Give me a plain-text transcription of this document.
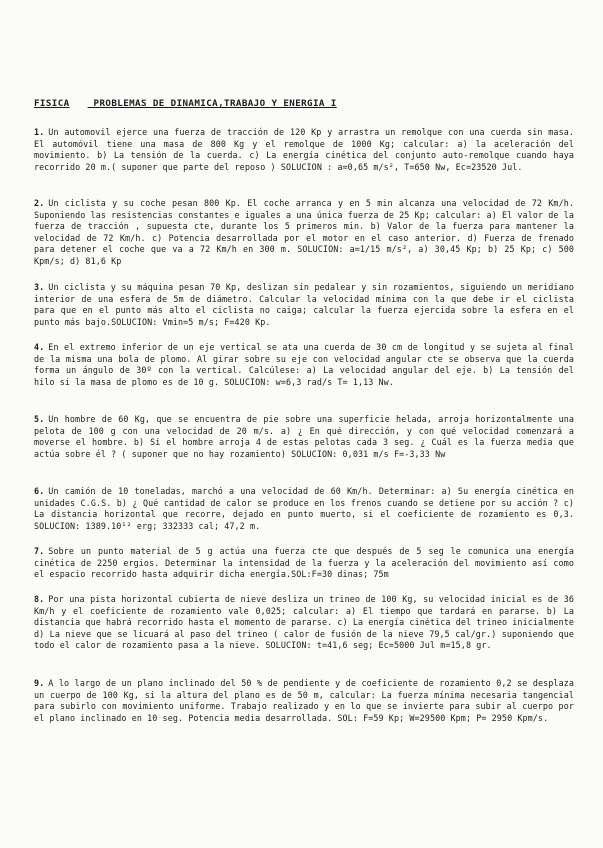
FISICA	PROBLEMAS DE DINAMICA,TRABAJO Y ENERGIA I
1. Un automovil ejerce una fuerza de tracción de 120 Kp y arrastra un remolque con una cuerda sin masa. El automóvil tiene una masa de 800 Kg y el remolque de 1000 Kg; calcular: a) la aceleración del movimiento. b) La tensión de la cuerda. c) La energía cinética del conjunto auto-remolque cuando haya recorrido 20 m.( suponer que parte del reposo ) SOLUCION : a=0,65 m/s², T=650 Nw, Ec=23520 Jul.
2. Un ciclista y su coche pesan 800 Kp. El coche arranca y en 5 min alcanza una velocidad de 72 Km/h. Suponiendo las resistencias constantes e iguales a una única fuerza de 25 Kp; calcular: a) El valor de la fuerza de tracción , supuesta cte, durante los 5 primeros min. b) Valor de la fuerza para mantener la velocidad de 72 Km/h. c) Potencia desarrollada por el motor en el caso anterior. d) Fuerza de frenado para detener el coche que va a 72 Km/h en 300 m. SOLUCION: a=1/15 m/s², a) 30,45 Kp; b) 25 Kp; c) 500 Kpm/s; d) 81,6 Kp
3. Un ciclista y su máquina pesan 70 Kp, deslizan sin pedalear y sin rozamientos, siguiendo un meridiano interior de una esfera de 5m de diámetro. Calcular la velocidad mínima con la que debe ir el ciclista para que en el punto más alto el ciclista no caiga; calcular la fuerza ejercida sobre la esfera en el punto más bajo.SOLUCION: Vmin=5 m/s; F=420 Kp.
4. En el extremo inferior de un eje vertical se ata una cuerda de 30 cm de longitud y se sujeta al final de la misma una bola de plomo. Al girar sobre su eje con velocidad angular cte se observa que la cuerda forma un ángulo de 30º con la vertical. Calcúlese: a) La velocidad angular del eje. b) La tensión del hilo si la masa de plomo es de 10 g. SOLUCION: w=6,3 rad/s T= 1,13 Nw.
5. Un hombre de 60 Kg, que se encuentra de pie sobre una superficie helada, arroja horizontalmente una pelota de 100 g con una velocidad de 20 m/s. a) ¿ En qué dirección, y con qué velocidad comenzará a moverse el hombre. b) Si el hombre arroja 4 de estas pelotas cada 3 seg. ¿ Cuál es la fuerza media que actúa sobre él ? ( suponer que no hay rozamiento) SOLUCION: 0,031 m/s F=-3,33 Nw
6. Un camión de 10 toneladas, marchó a una velocidad de 60 Km/h. Determinar: a) Su energía cinética en unidades C.G.S. b) ¿ Qué cantidad de calor se produce en los frenos cuando se detiene por su acción ? c) La distancia horizontal que recorre, dejado en punto muerto, si el coeficiente de rozamiento es 0,3. SOLUCION: 1389.10¹² erg; 332333 cal; 47,2 m.
7. Sobre un punto material de 5 g actúa una fuerza cte que después de 5 seg le comunica una energía cinética de 2250 ergios. Determinar la intensidad de la fuerza y la aceleración del movimiento así como el espacio recorrido hasta adquirir dicha energía.SOL:F=30 dinas; 75m
8. Por una pista horizontal cubierta de nieve desliza un trineo de 100 Kg, su velocidad inicial es de 36 Km/h y el coeficiente de rozamiento vale 0,025; calcular: a) El tiempo que tardará en pararse. b) La distancia que habrá recorrido hasta el momento de pararse. c) La energía cinética del trineo inicialmente d) La nieve que se licuará al paso del trineo ( calor de fusión de la nieve 79,5 cal/gr.) suponiendo que todo el calor de rozamiento pasa a la nieve. SOLUCION: t=41,6 seg; Ec=5000 Jul m=15,8 gr.
9. A lo largo de un plano inclinado del 50 % de pendiente y de coeficiente de rozamiento 0,2 se desplaza un cuerpo de 100 Kg, si la altura del plano es de 50 m, calcular: La fuerza mínima necesaria tangencial para subirlo con movimiento uniforme. Trabajo realizado y en lo que se invierte para subir al cuerpo por el plano inclinado en 10 seg. Potencia media desarrollada. SOL: F=59 Kp; W=29500 Kpm; P= 2950 Kpm/s.
